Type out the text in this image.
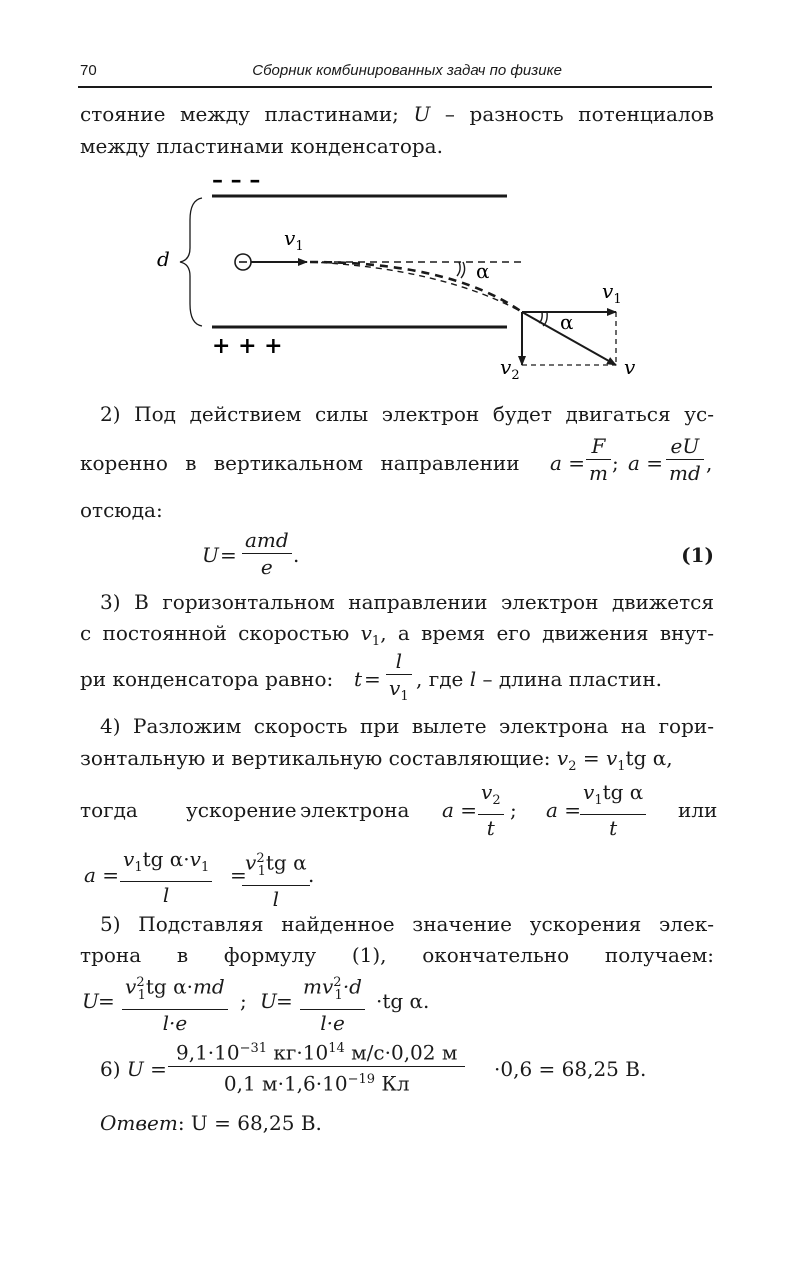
70	Сборник комбинированных задач по физике
стояние между пластинами; U – разность потенциалов
между пластинами конденсатора.
– – –
+ + +
d
$v_1$
α
$v_1$
α
$v_2$	v
2) Под действием силы электрон будет двигаться ус-
коренно в вертикальном направлении $a = \frac{F}{m}$ ; $a = \frac{eU}{md}$ ,
отсюда:
U =
amd
e	.	(1)
3) В горизонтальном направлении электрон движется
с постоянной скоростью $v_1$, а время его движения внут-
ри конденсатора равно: $t = \frac{l}{v_1}$ , где l – длина пластин.
4) Разложим скорость при вылете электрона на гори-
зонтальную и вертикальную составляющие: $v_2 = v_1tg$ α,
тогда ускорение электрона $a = \frac{v_2}{t}$ ; a =
$\frac{v_1tg \alpha}{t}$ или
$a = \frac{v_1tg \alpha\cdot v_1}{l}$ =
$\frac{v^2_1tg \alpha}{l}$
.
5) Подставляя найденное значение ускорения элек-
трона в формулу (1), окончательно получаем:
$U = \frac{v^2_1tg \alpha\cdot md}{l\cdot e}$ ; $U = \frac{mv^2_1\cdot d}{l\cdot e} \cdot tg$ α.
6) U =
$9,1\cdot 10^{-31}$ $кг\cdot 10^{14}$ м/с·0,02 м
0,1 $м\cdot 1,6\cdot 10^{-19}$ Кл
·0,6 = 68,25 В.
Ответ: U = 68,25 В.
